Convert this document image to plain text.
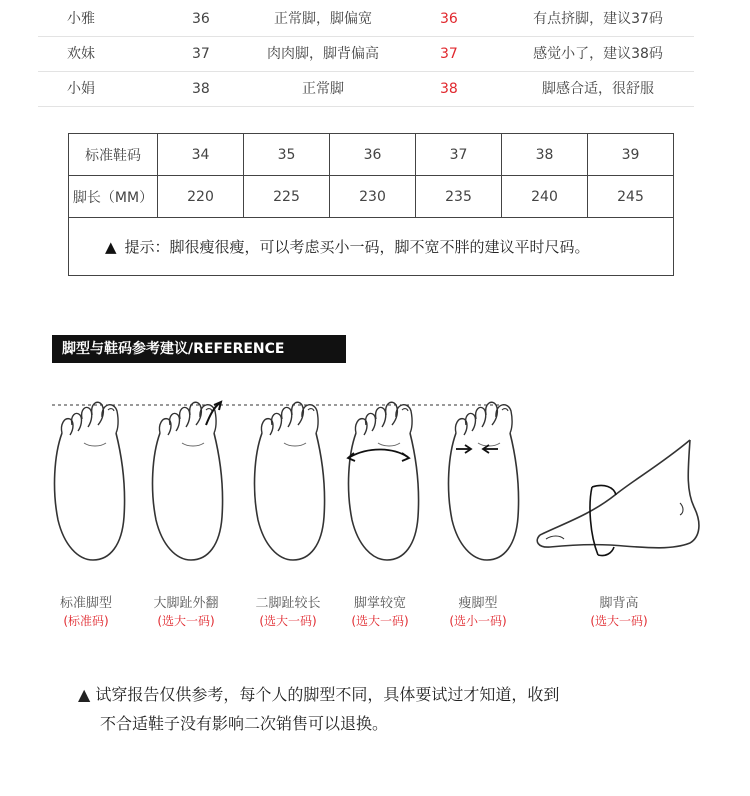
小雅	36	正常脚，脚偏宽	36	有点挤脚，建议37码
欢妹	37	肉肉脚，脚背偏高	37	感觉小了，建议38码
小娟	38	正常脚	38	脚感合适，很舒服
标准鞋码	34	35	36	37	38	39
脚长（MM）	220	225	230	235	240	245
▲ 提示：脚很瘦很瘦，可以考虑买小一码，脚不宽不胖的建议平时尺码。						
脚型与鞋码参考建议/REFERENCE
标准脚型
(标准码)
大脚趾外翻
(选大一码)
二脚趾较长
(选大一码)
脚掌较宽
(选大一码)
瘦脚型
(选小一码)
脚背高
(选大一码)
▲ 试穿报告仅供参考，每个人的脚型不同，具体要试过才知道，收到
不合适鞋子没有影响二次销售可以退换。
